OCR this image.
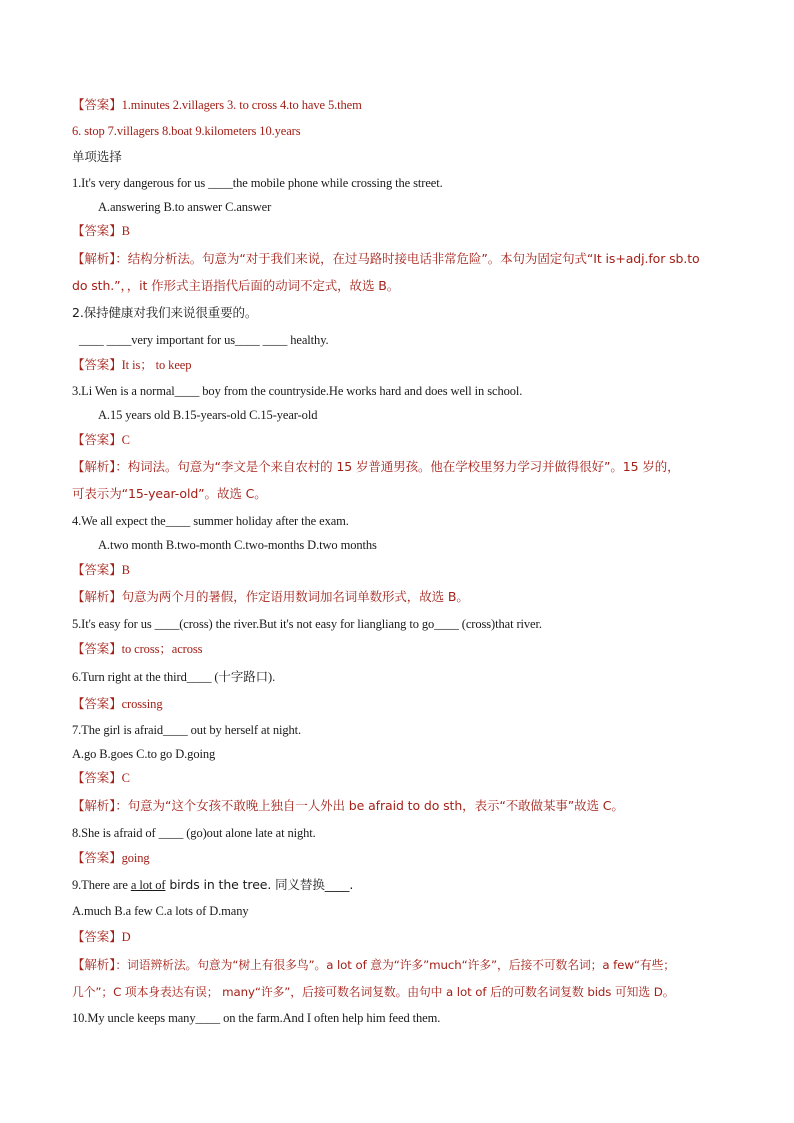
【答案】1.minutes 2.villagers 3. to cross 4.to have 5.them
6. stop 7.villagers 8.boat 9.kilometers 10.years
单项选择
1.It's very dangerous for us ____the mobile phone while crossing the street.
A.answering B.to answer C.answer
【答案】B
【解析】：结构分析法。句意为“对于我们来说，在过马路时接电话非常危险”。本句为固定句式“It is+adj.for sb.to
do sth.”，，it 作形式主语指代后面的动词不定式，故选 B。
2.保持健康对我们来说很重要的。
____ ____very important for us____ ____ healthy.
【答案】It is； to keep
3.Li Wen is a normal____ boy from the countryside.He works hard and does well in school.
A.15 years old B.15-years-old C.15-year-old
【答案】C
【解析】：构词法。句意为“李文是个来自农村的 15 岁普通男孩。他在学校里努力学习并做得很好”。15 岁的，
可表示为“15-year-old”。故选 C。
4.We all expect the____ summer holiday after the exam.
A.two month B.two-month C.two-months D.two months
【答案】B
【解析】句意为两个月的暑假，作定语用数词加名词单数形式，故选 B。
5.It's easy for us ____(cross) the river.But it's not easy for liangliang to go____ (cross)that river.
【答案】to cross；across
6.Turn right at the third____ (十字路口).
【答案】crossing
7.The girl is afraid____ out by herself at night.
A.go B.goes C.to go D.going
【答案】C
【解析】：句意为“这个女孩不敢晚上独自一人外出 be afraid to do sth，表示“不敢做某事”故选 C。
8.She is afraid of ____ (go)out alone late at night.
【答案】going
9.There are a lot of birds in the tree. 同义替换____.
A.much B.a few C.a lots of D.many
【答案】D
【解析】：词语辨析法。句意为“树上有很多鸟”。a lot of 意为“许多”much“许多”，后接不可数名词；a few“有些；
几个”；C 项本身表达有误； many“许多”，后接可数名词复数。由句中 a lot of 后的可数名词复数 bids 可知选 D。
10.My uncle keeps many____ on the farm.And I often help him feed them.
